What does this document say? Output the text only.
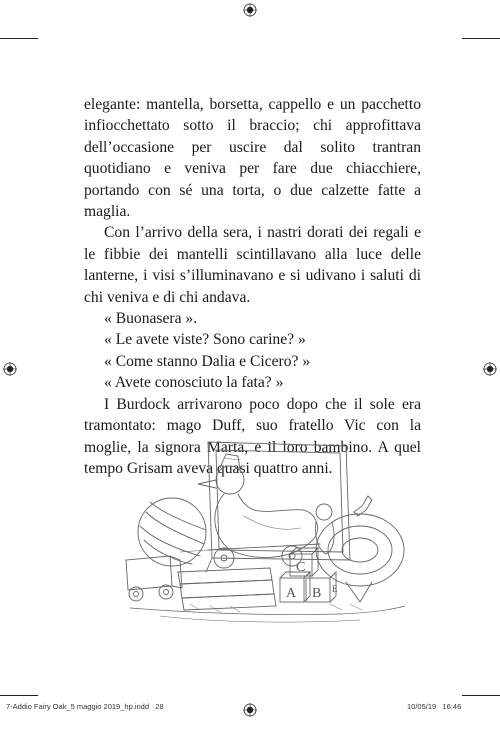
elegante: mantella, borsetta, cappello e un pacchetto infiocchettato sotto il braccio; chi approfittava dell’occasione per uscire dal solito trantran quotidiano e veniva per fare due chiacchiere, portando con sé una torta, o due calzette fatte a maglia.

Con l’arrivo della sera, i nastri dorati dei regali e le fibbie dei mantelli scintillavano alla luce delle lanterne, i visi s’illuminavano e si udivano i saluti di chi veniva e di chi andava.

« Buonasera ».

« Le avete viste? Sono carine? »

« Come stanno Dalia e Cicero? »

« Avete conosciuto la fata? »

I Burdock arrivarono poco dopo che il sole era tramontato: mago Duff, suo fratello Vic con la moglie, la signora Marta, e il loro bambino. A quel tempo Grisam aveva quasi quattro anni.

A B
C
E
7-Addio Fairy Oak_5 maggio 2019_hp.indd 28	10/05/19 16:46
